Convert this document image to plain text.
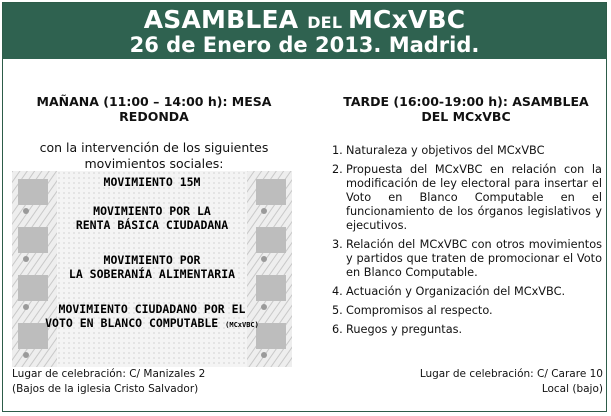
ASAMBLEA DEL MCxVBC
26 de Enero de 2013. Madrid.
MAÑANA (11:00 – 14:00 h): MESA REDONDA
con la intervención de los siguientes movimientos sociales:
MOVIMIENTO 15M
MOVIMIENTO POR LA
RENTA BÁSICA CIUDADANA
MOVIMIENTO POR
LA SOBERANÍA ALIMENTARIA
MOVIMIENTO CIUDADANO POR EL
VOTO EN BLANCO COMPUTABLE (MCxVBC)
Lugar de celebración: C/ Manizales 2
(Bajos de la iglesia Cristo Salvador)
TARDE (16:00-19:00 h): ASAMBLEA DEL MCxVBC
1. Naturaleza y objetivos del MCxVBC
2. Propuesta del MCxVBC en relación con la modificación de ley electoral para insertar el Voto en Blanco Computable en el funcionamiento de los órganos legislativos y ejecutivos.
3. Relación del MCxVBC con otros movimientos y partidos que traten de promocionar el Voto en Blanco Computable.
4. Actuación y Organización del MCxVBC.
5. Compromisos al respecto.
6. Ruegos y preguntas.
Lugar de celebración: C/ Carare 10
Local (bajo)
